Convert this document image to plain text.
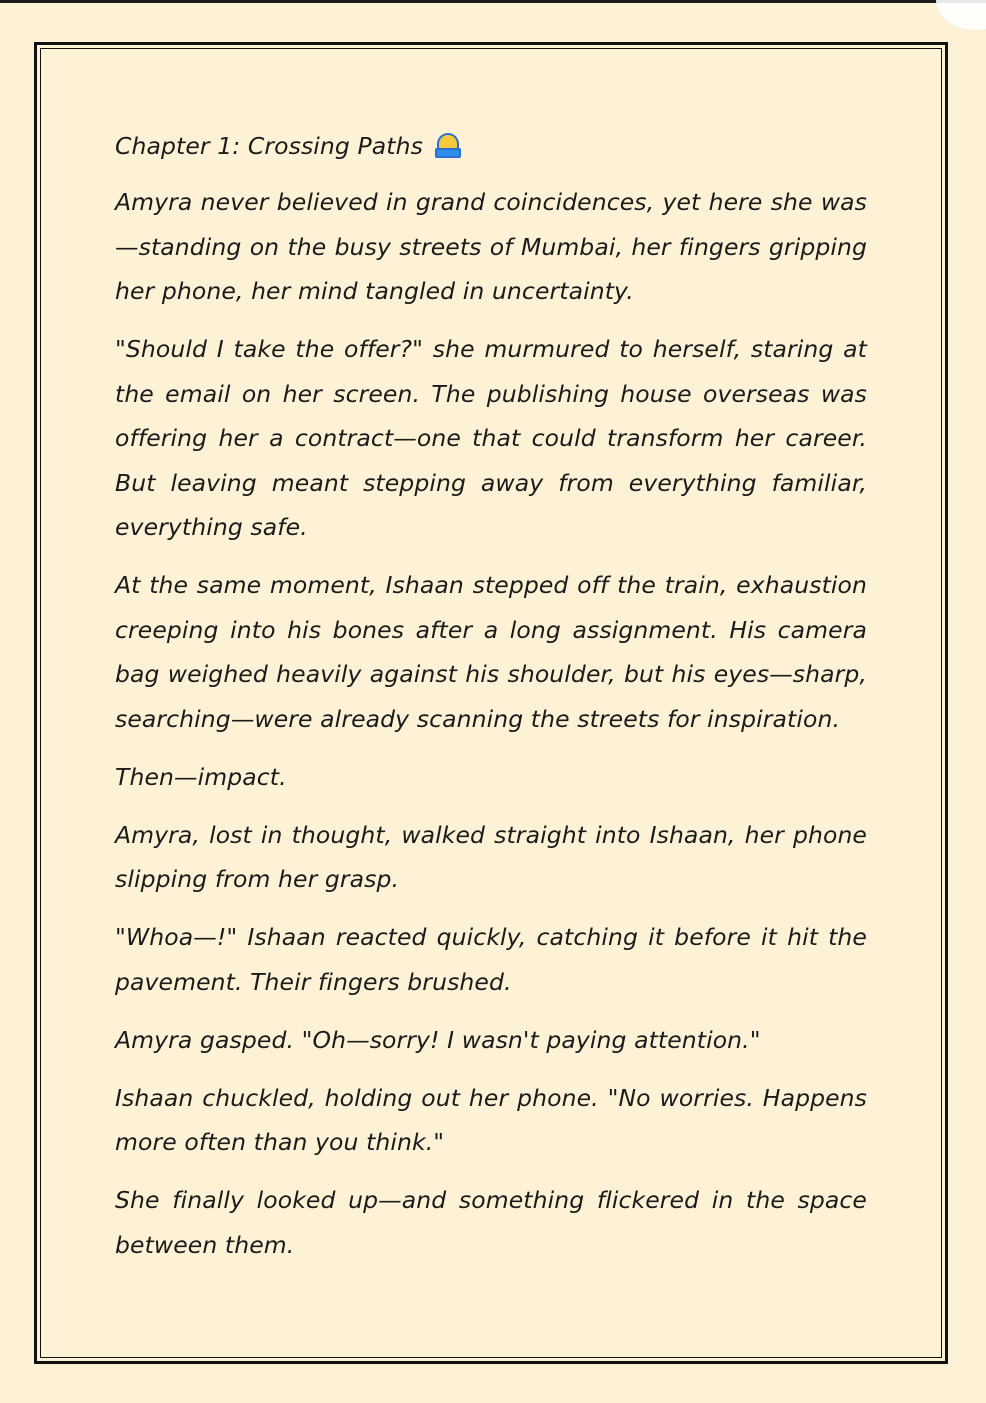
Chapter 1: Crossing Paths

Amyra never believed in grand coincidences, yet here she was—standing on the busy streets of Mumbai, her fingers gripping her phone, her mind tangled in uncertainty.

"Should I take the offer?" she murmured to herself, staring at the email on her screen. The publishing house overseas was offering her a contract—one that could transform her career. But leaving meant stepping away from everything familiar, everything safe.

At the same moment, Ishaan stepped off the train, exhaustion creeping into his bones after a long assignment. His camera bag weighed heavily against his shoulder, but his eyes—sharp, searching—were already scanning the streets for inspiration.

Then—impact.

Amyra, lost in thought, walked straight into Ishaan, her phone slipping from her grasp.

"Whoa—!" Ishaan reacted quickly, catching it before it hit the pavement. Their fingers brushed.

Amyra gasped. "Oh—sorry! I wasn't paying attention."

Ishaan chuckled, holding out her phone. "No worries. Happens more often than you think."

She finally looked up—and something flickered in the space between them.
